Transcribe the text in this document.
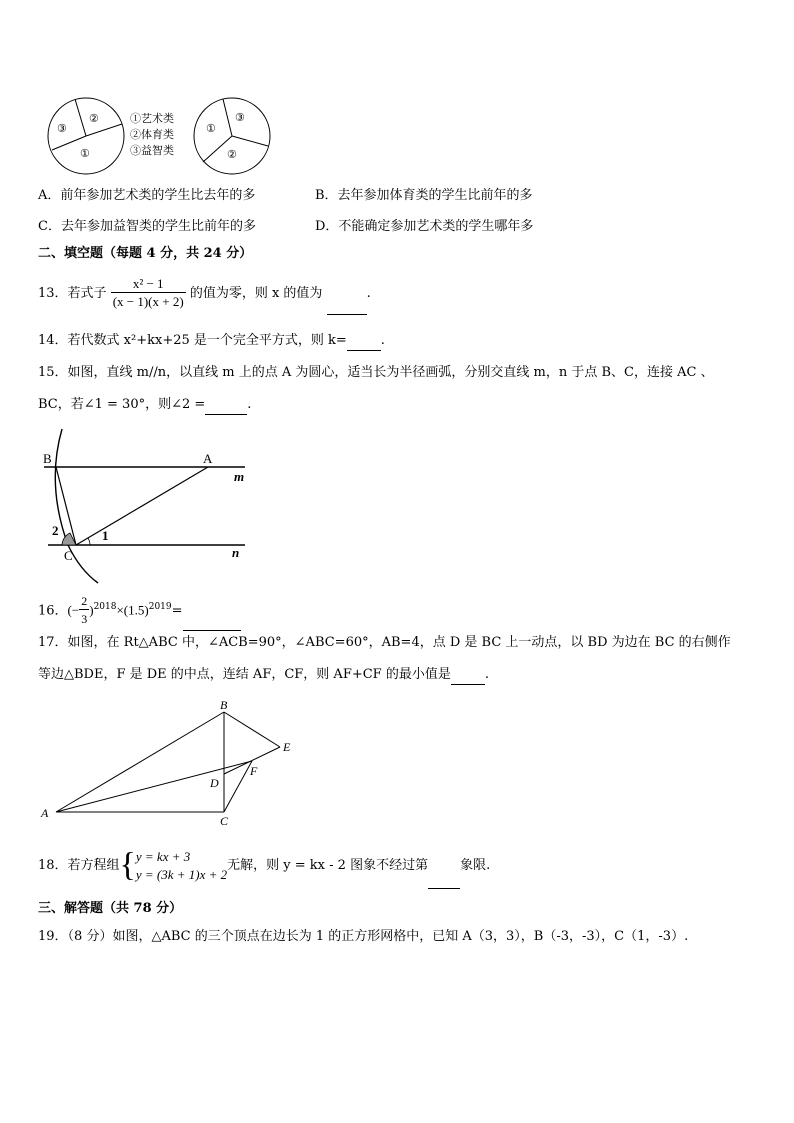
②
③
①
①艺术类
②体育类
③益智类
③
①
②
A．前年参加艺术类的学生比去年的多	B．去年参加体育类的学生比前年的多
C．去年参加益智类的学生比前年的多	D．不能确定参加艺术类的学生哪年多
二、填空题（每题 4 分，共 24 分）
13．若式子 $\frac{\text{x² − 1}}{(x - 1)(x + 2)}$ 的值为零，则 x 的值为	.
14．若代数式 x²+kx+25 是一个完全平方式，则 k=	.
15．如图，直线 m//n，以直线 m 上的点 A 为圆心，适当长为半径画弧，分别交直线 m，n 于点 B、C，连接 AC 、
BC，若∠1 = 30°，则∠2 =	.
B	A
m
2	1
C	n
16．(− $\frac{2}{3} )^{2018}\times(1.5)^{2019}=$
17．如图，在 Rt△ABC 中，∠ACB=90°，∠ABC=60°，AB=4，点 D 是 BC 上一动点，以 BD 为边在 BC 的右侧作
等边△BDE，F 是 DE 的中点，连结 AF，CF，则 AF+CF 的最小值是	.
B
E
F
D
A
C
18．若方程组{ y = kx + 3
y = (3k + 1)x + 2
无解，则 y = kx - 2 图象不经过第 象限.
三、解答题（共 78 分）
19．（8 分）如图，△ABC 的三个顶点在边长为 1 的正方形网格中，已知 A（3，3），B（-3，-3），C（1，-3）.
